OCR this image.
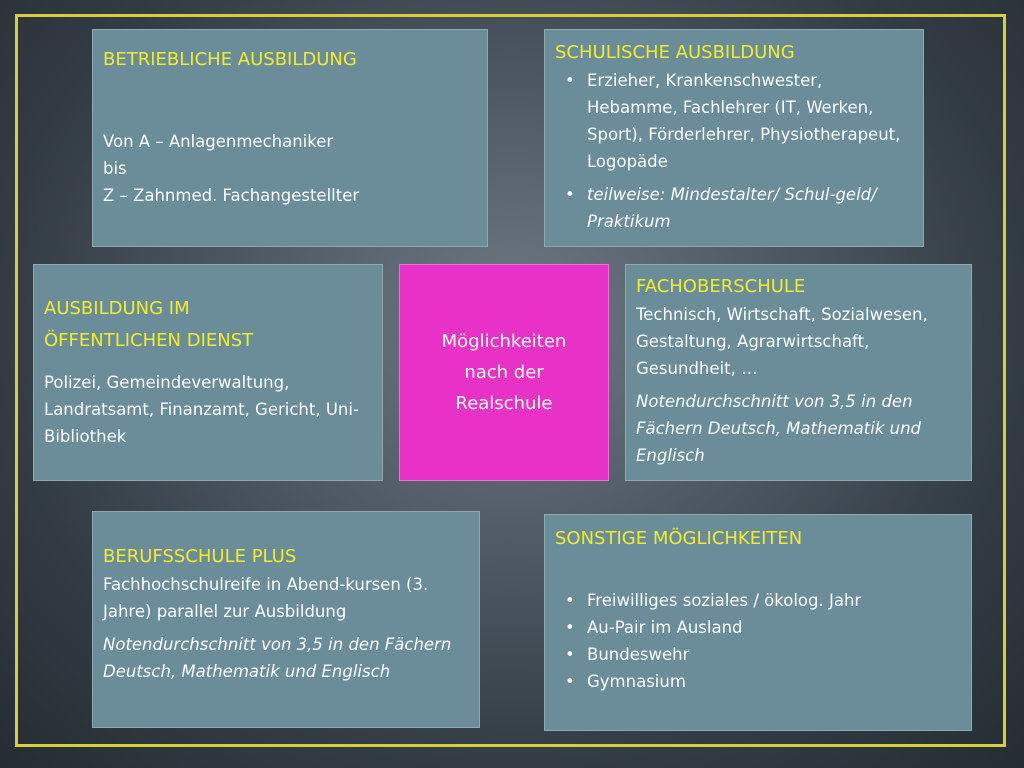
BETRIEBLICHE AUSBILDUNG
Von A – Anlagenmechaniker
bis
Z – Zahnmed. Fachangestellter
SCHULISCHE AUSBILDUNG
• Erzieher, Krankenschwester, Hebamme, Fachlehrer (IT, Werken, Sport), Förderlehrer, Physiotherapeut, Logopäde
• teilweise: Mindestalter/ Schul-geld/ Praktikum
AUSBILDUNG IM
ÖFFENTLICHEN DIENST
Polizei, Gemeindeverwaltung, Landratsamt, Finanzamt, Gericht, Uni-Bibliothek
Möglichkeiten
nach der
Realschule
FACHOBERSCHULE
Technisch, Wirtschaft, Sozialwesen, Gestaltung, Agrarwirtschaft, Gesundheit, …
Notendurchschnitt von 3,5 in den Fächern Deutsch, Mathematik und Englisch
BERUFSSCHULE PLUS
Fachhochschulreife in Abend-kursen (3. Jahre) parallel zur Ausbildung
Notendurchschnitt von 3,5 in den Fächern Deutsch, Mathematik und Englisch
SONSTIGE MÖGLICHKEITEN
• Freiwilliges soziales / ökolog. Jahr
• Au-Pair im Ausland
• Bundeswehr
• Gymnasium
